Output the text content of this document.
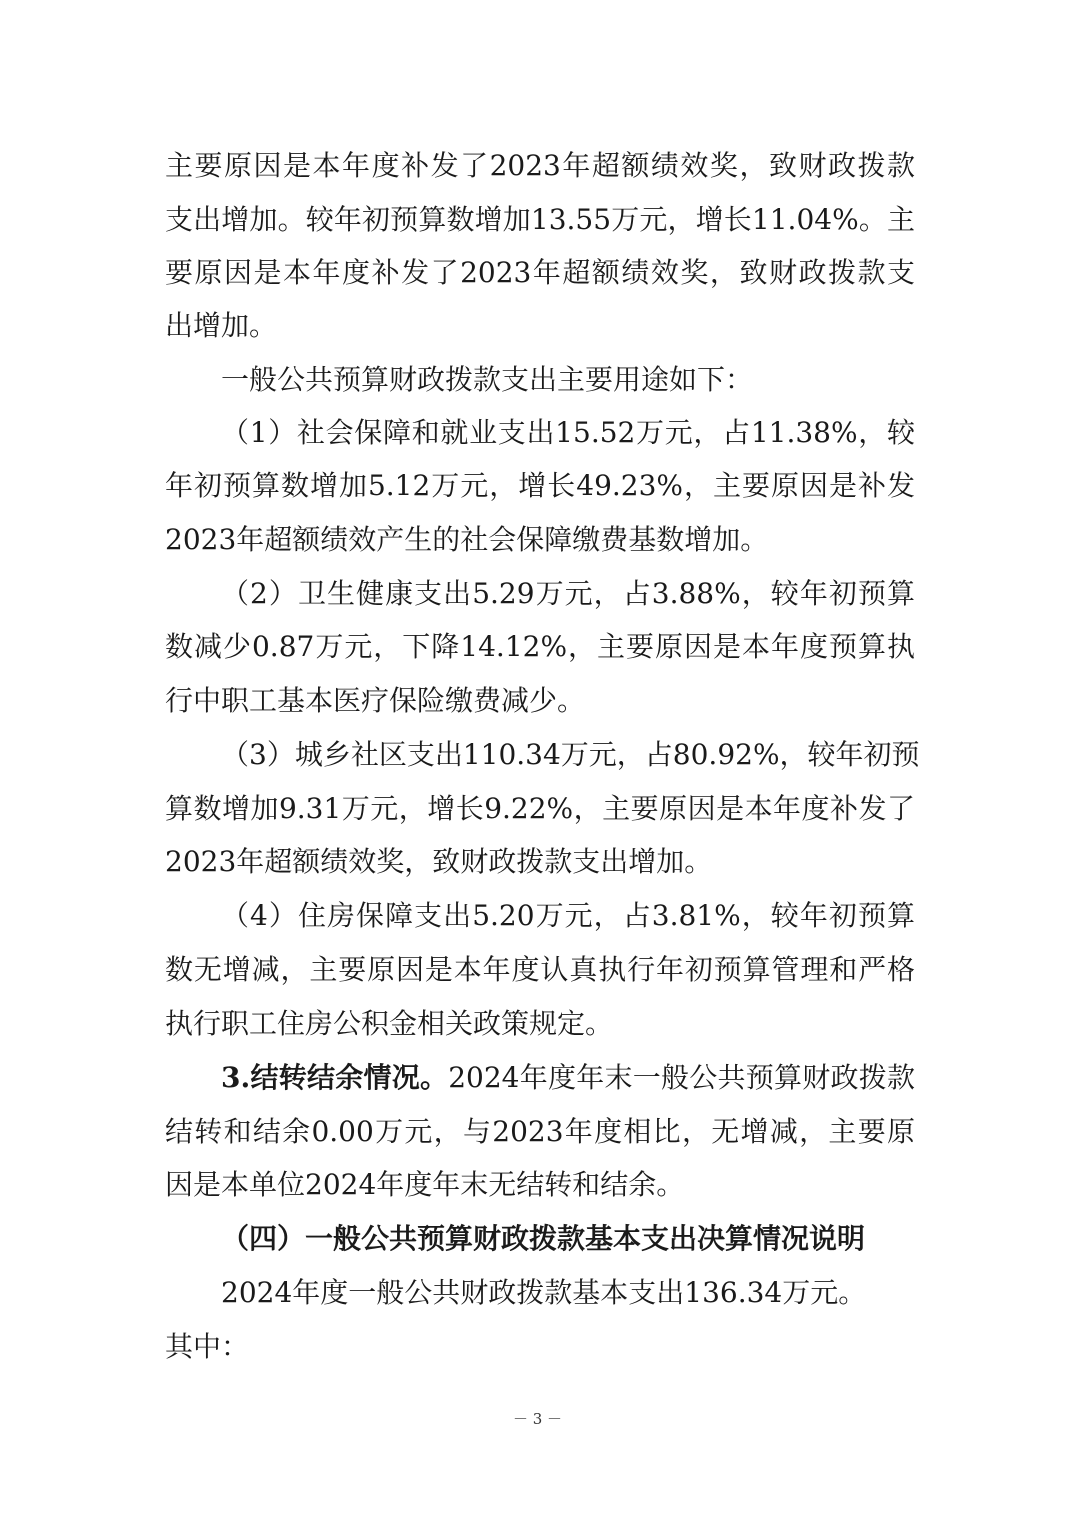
主要原因是本年度补发了2023年超额绩效奖，致财政拨款
支出增加。较年初预算数增加13.55万元，增长11.04%。主
要原因是本年度补发了2023年超额绩效奖，致财政拨款支
出增加。
一般公共预算财政拨款支出主要用途如下：
（1）社会保障和就业支出15.52万元，占11.38%，较
年初预算数增加5.12万元，增长49.23%，主要原因是补发
2023年超额绩效产生的社会保障缴费基数增加。
（2）卫生健康支出5.29万元，占3.88%，较年初预算
数减少0.87万元，下降14.12%，主要原因是本年度预算执
行中职工基本医疗保险缴费减少。
（3）城乡社区支出110.34万元，占80.92%，较年初预
算数增加9.31万元，增长9.22%，主要原因是本年度补发了
2023年超额绩效奖，致财政拨款支出增加。
（4）住房保障支出5.20万元，占3.81%，较年初预算
数无增减，主要原因是本年度认真执行年初预算管理和严格
执行职工住房公积金相关政策规定。
3.结转结余情况。2024年度年末一般公共预算财政拨款
结转和结余0.00万元，与2023年度相比，无增减，主要原
因是本单位2024年度年末无结转和结余。
（四）一般公共预算财政拨款基本支出决算情况说明
2024年度一般公共财政拨款基本支出136.34万元。
其中：
－ 3 －
